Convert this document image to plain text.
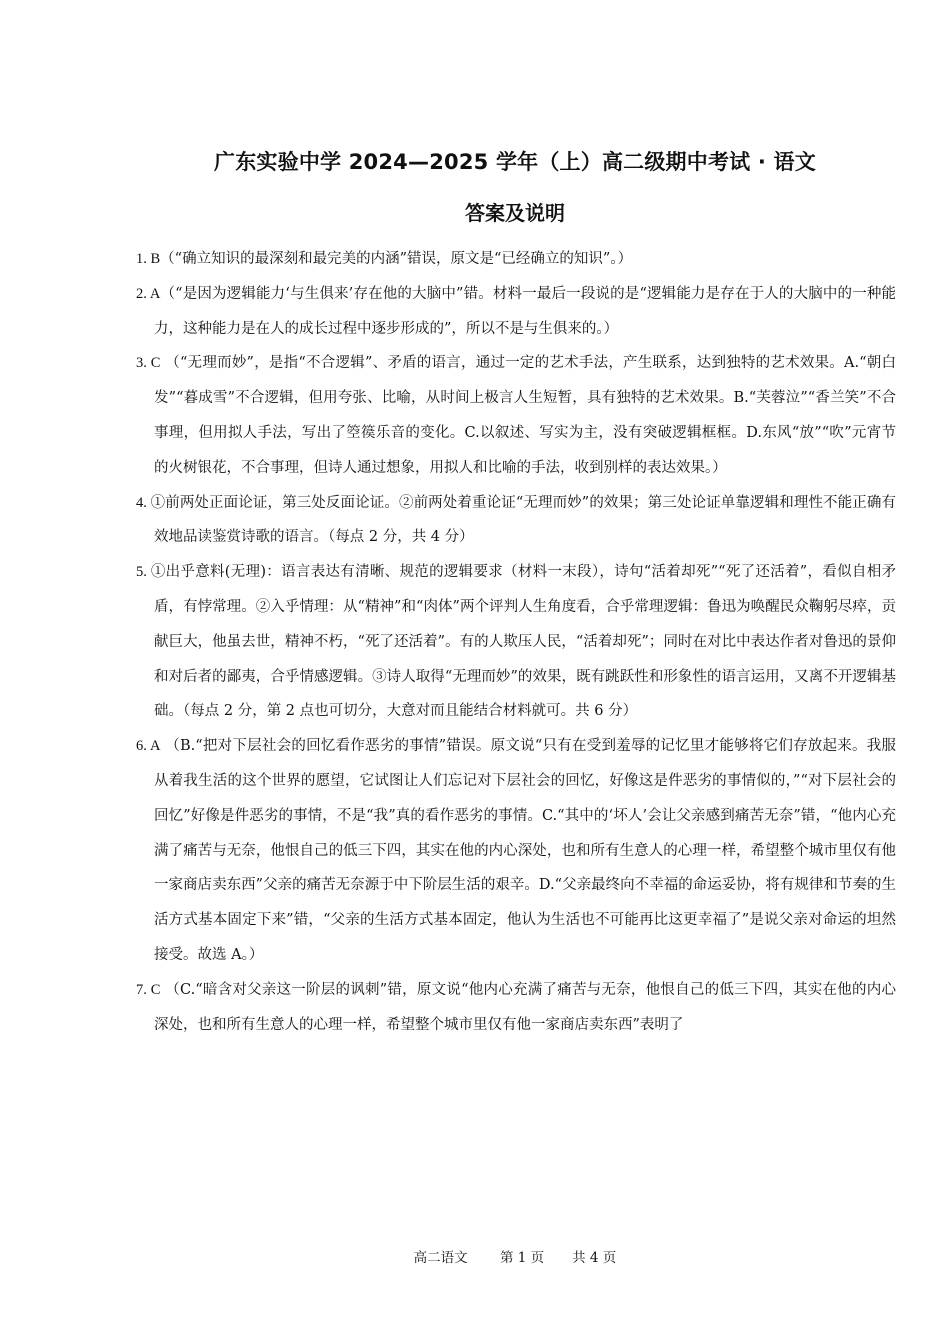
广东实验中学 2024—2025 学年（上）高二级期中考试 · 语文
答案及说明

1. B（“确立知识的最深刻和最完美的内涵”错误，原文是“已经确立的知识”。）

2. A（“是因为逻辑能力‘与生俱来’存在他的大脑中”错。材料一最后一段说的是“逻辑能力是存在于人的大脑中的一种能力，这种能力是在人的成长过程中逐步形成的”，所以不是与生俱来的。）

3. C （“无理而妙”，是指“不合逻辑”、矛盾的语言，通过一定的艺术手法，产生联系，达到独特的艺术效果。A.“朝白发”“暮成雪”不合逻辑，但用夸张、比喻，从时间上极言人生短暂，具有独特的艺术效果。B.“芙蓉泣”“香兰笑”不合事理，但用拟人手法，写出了箜篌乐音的变化。C.以叙述、写实为主，没有突破逻辑框框。D.东风“放”“吹”元宵节的火树银花，不合事理，但诗人通过想象，用拟人和比喻的手法，收到别样的表达效果。）

4. ①前两处正面论证，第三处反面论证。②前两处着重论证“无理而妙”的效果；第三处论证单靠逻辑和理性不能正确有效地品读鉴赏诗歌的语言。（每点 2 分，共 4 分）

5. ①出乎意料(无理)：语言表达有清晰、规范的逻辑要求（材料一末段），诗句“活着却死”“死了还活着”，看似自相矛盾，有悖常理。②入乎情理：从“精神”和“肉体”两个评判人生角度看，合乎常理逻辑：鲁迅为唤醒民众鞠躬尽瘁，贡献巨大，他虽去世，精神不朽，“死了还活着”。有的人欺压人民，“活着却死”；同时在对比中表达作者对鲁迅的景仰和对后者的鄙夷，合乎情感逻辑。③诗人取得“无理而妙”的效果，既有跳跃性和形象性的语言运用，又离不开逻辑基础。（每点 2 分，第 2 点也可切分，大意对而且能结合材料就可。共 6 分）

6. A （B.“把对下层社会的回忆看作恶劣的事情”错误。原文说“只有在受到羞辱的记忆里才能够将它们存放起来。我服从着我生活的这个世界的愿望，它试图让人们忘记对下层社会的回忆，好像这是件恶劣的事情似的，”“对下层社会的回忆”好像是件恶劣的事情，不是“我”真的看作恶劣的事情。C.“其中的‘坏人’会让父亲感到痛苦无奈”错，“他内心充满了痛苦与无奈，他恨自己的低三下四，其实在他的内心深处，也和所有生意人的心理一样，希望整个城市里仅有他一家商店卖东西”父亲的痛苦无奈源于中下阶层生活的艰辛。D.“父亲最终向不幸福的命运妥协，将有规律和节奏的生活方式基本固定下来”错，“父亲的生活方式基本固定，他认为生活也不可能再比这更幸福了”是说父亲对命运的坦然接受。故选 A。）

7. C （C.“暗含对父亲这一阶层的讽刺”错，原文说“他内心充满了痛苦与无奈，他恨自己的低三下四，其实在他的内心深处，也和所有生意人的心理一样，希望整个城市里仅有他一家商店卖东西”表明了

高二语文 第 1 页 共 4 页
